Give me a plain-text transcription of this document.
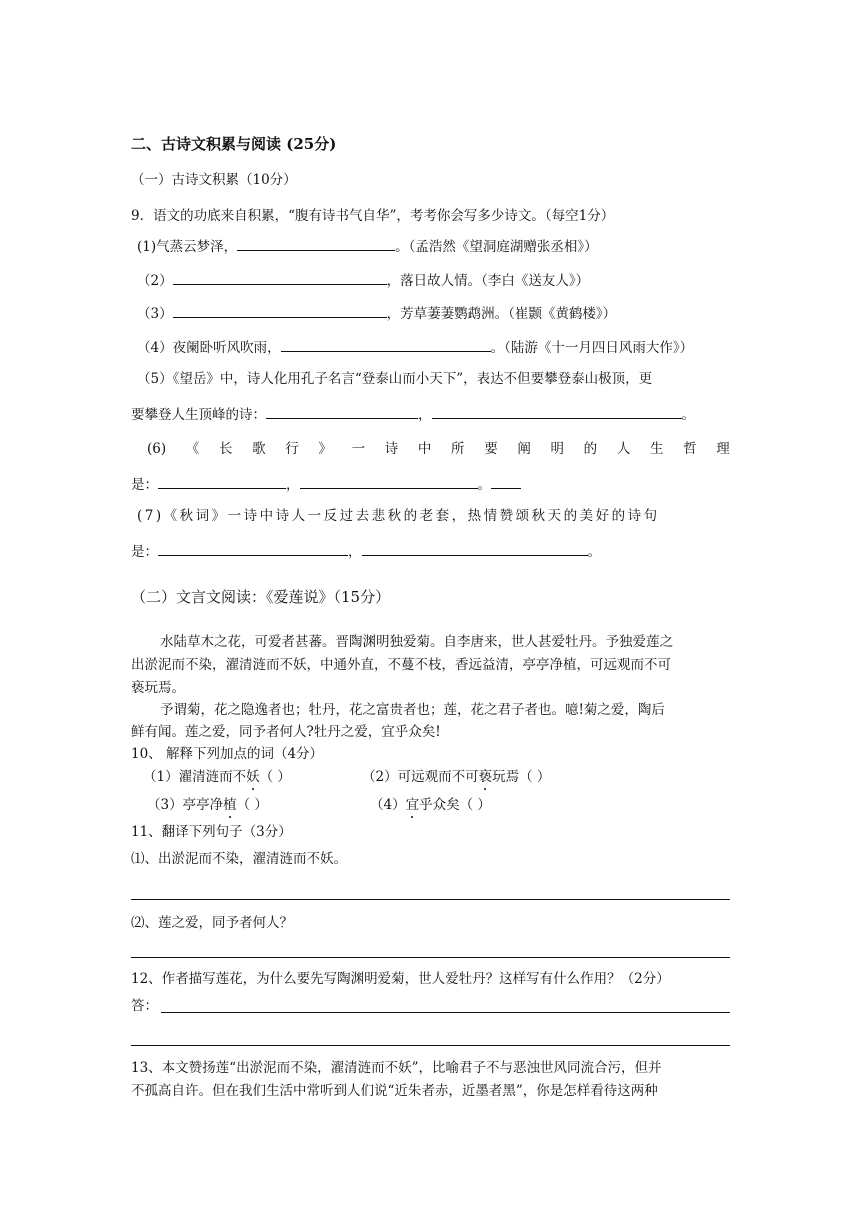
二、古诗文积累与阅读 (25分)
（一）古诗文积累（10分）
9．语文的功底来自积累，“腹有诗书气自华”，考考你会写多少诗文。（每空1分）
(1)气蒸云梦泽，	。（孟浩然《望洞庭湖赠张丞相》）
（2）	，落日故人情。（李白《送友人》）
（3）	，芳草萋萋鹦鹉洲。（崔颢《黄鹤楼》）
（4）夜阑卧听风吹雨，	。（陆游《十一月四日风雨大作》）
（5）《望岳》中，诗人化用孔子名言“登泰山而小天下”，表达不但要攀登泰山极顶，更
要攀登人生顶峰的诗：	，	。
(6) 《 长 歌 行 》 一 诗 中 所 要 阐 明 的 人 生 哲 理
是：	，	。
(7)《秋词》一诗中诗人一反过去悲秋的老套，热情赞颂秋天的美好的诗句
是：	，	。
（二）文言文阅读：《爱莲说》（15分）
水陆草木之花，可爱者甚蕃。晋陶渊明独爱菊。自李唐来，世人甚爱牡丹。予独爱莲之
出淤泥而不染，濯清涟而不妖，中通外直，不蔓不枝，香远益清，亭亭净植，可远观而不可
亵玩焉。
予谓菊，花之隐逸者也；牡丹，花之富贵者也；莲，花之君子者也。噫!菊之爱，陶后
鲜有闻。莲之爱，同予者何人?牡丹之爱，宜乎众矣!
10、 解释下列加点的词（4分）
（1）濯清涟而不妖（ ）	（2）可远观而不可亵玩焉（ ）
（3）亭亭净植（ ）	（4）宜乎众矣（ ）
11、翻译下列句子（3分）
⑴、出淤泥而不染，濯清涟而不妖。
⑵、莲之爱，同予者何人？
12、作者描写莲花，为什么要先写陶渊明爱菊，世人爱牡丹？这样写有什么作用？（2分）
答：
13、本文赞扬莲“出淤泥而不染，濯清涟而不妖”，比喻君子不与恶浊世风同流合污，但并
不孤高自许。但在我们生活中常听到人们说“近朱者赤，近墨者黑”，你是怎样看待这两种
